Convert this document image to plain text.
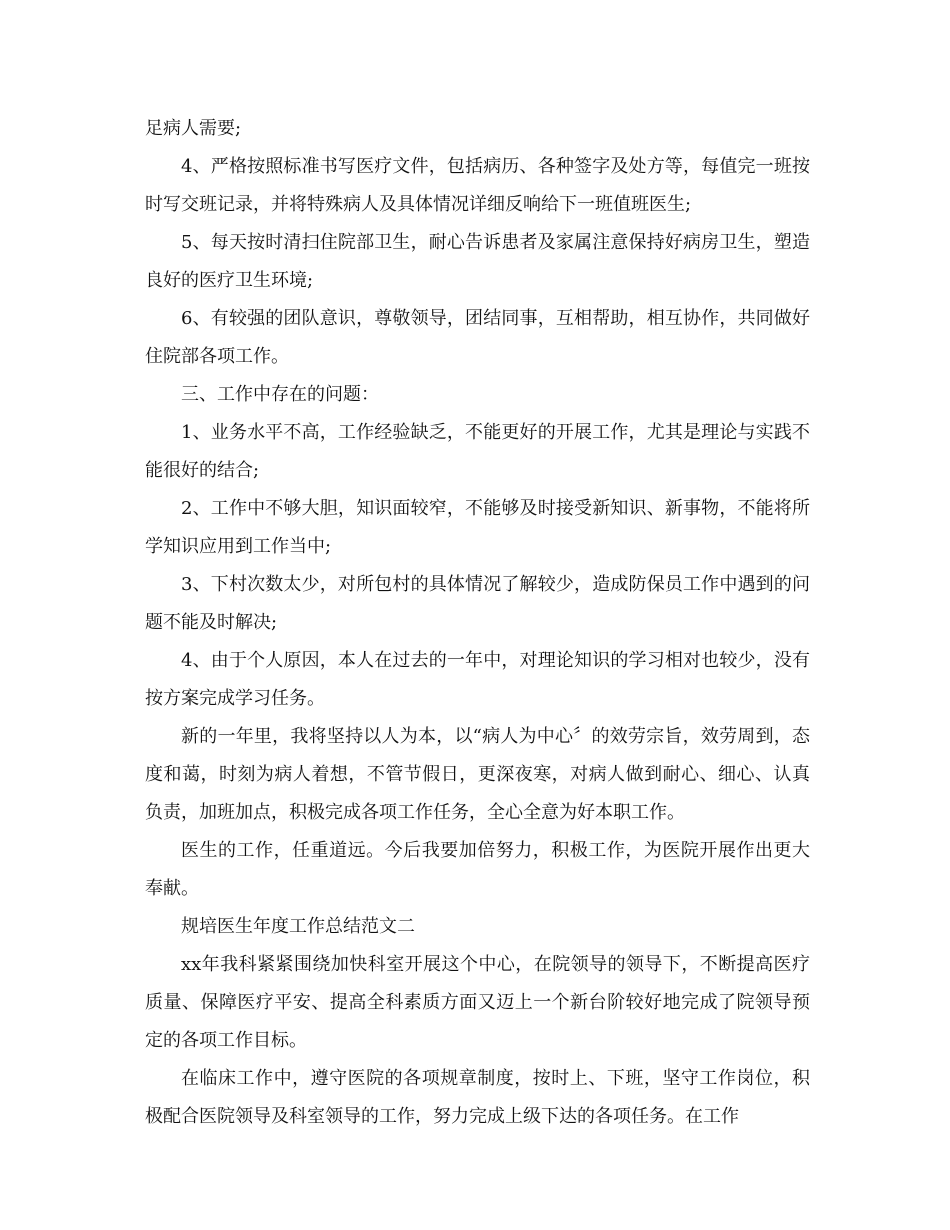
足病人需要;

4、严格按照标准书写医疗文件，包括病历、各种签字及处方等，每值完一班按时写交班记录，并将特殊病人及具体情况详细反响给下一班值班医生;

5、每天按时清扫住院部卫生，耐心告诉患者及家属注意保持好病房卫生，塑造良好的医疗卫生环境;

6、有较强的团队意识，尊敬领导，团结同事，互相帮助，相互协作，共同做好住院部各项工作。

三、工作中存在的问题：

1、业务水平不高，工作经验缺乏，不能更好的开展工作，尤其是理论与实践不能很好的结合;

2、工作中不够大胆，知识面较窄，不能够及时接受新知识、新事物，不能将所学知识应用到工作当中;

3、下村次数太少，对所包村的具体情况了解较少，造成防保员工作中遇到的问题不能及时解决;

4、由于个人原因，本人在过去的一年中，对理论知识的学习相对也较少，没有按方案完成学习任务。

新的一年里，我将坚持以人为本，以“病人为中心〞的效劳宗旨，效劳周到，态度和蔼，时刻为病人着想，不管节假日，更深夜寒，对病人做到耐心、细心、认真负责，加班加点，积极完成各项工作任务，全心全意为好本职工作。

医生的工作，任重道远。今后我要加倍努力，积极工作，为医院开展作出更大奉献。

规培医生年度工作总结范文二

xx年我科紧紧围绕加快科室开展这个中心，在院领导的领导下，不断提高医疗质量、保障医疗平安、提高全科素质方面又迈上一个新台阶较好地完成了院领导预定的各项工作目标。

在临床工作中，遵守医院的各项规章制度，按时上、下班，坚守工作岗位，积极配合医院领导及科室领导的工作，努力完成上级下达的各项任务。在工作
